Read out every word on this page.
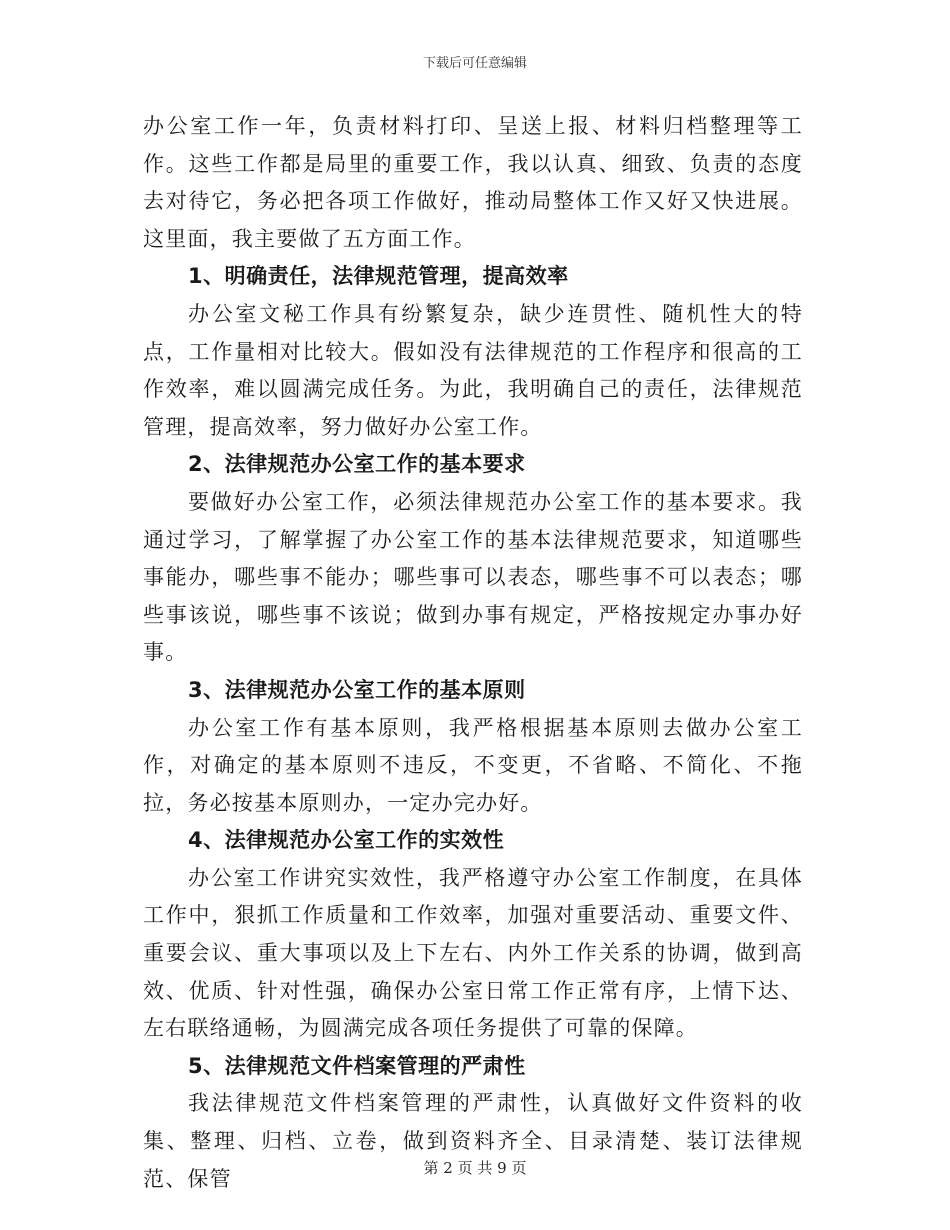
下载后可任意编辑

办公室工作一年，负责材料打印、呈送上报、材料归档整理等工作。这些工作都是局里的重要工作，我以认真、细致、负责的态度去对待它，务必把各项工作做好，推动局整体工作又好又快进展。这里面，我主要做了五方面工作。

1、明确责任，法律规范管理，提高效率

办公室文秘工作具有纷繁复杂，缺少连贯性、随机性大的特点，工作量相对比较大。假如没有法律规范的工作程序和很高的工作效率，难以圆满完成任务。为此，我明确自己的责任，法律规范管理，提高效率，努力做好办公室工作。

2、法律规范办公室工作的基本要求

要做好办公室工作，必须法律规范办公室工作的基本要求。我通过学习，了解掌握了办公室工作的基本法律规范要求，知道哪些事能办，哪些事不能办；哪些事可以表态，哪些事不可以表态；哪些事该说，哪些事不该说；做到办事有规定，严格按规定办事办好事。

3、法律规范办公室工作的基本原则

办公室工作有基本原则，我严格根据基本原则去做办公室工作，对确定的基本原则不违反，不变更，不省略、不简化、不拖拉，务必按基本原则办，一定办完办好。

4、法律规范办公室工作的实效性

办公室工作讲究实效性，我严格遵守办公室工作制度，在具体工作中，狠抓工作质量和工作效率，加强对重要活动、重要文件、重要会议、重大事项以及上下左右、内外工作关系的协调，做到高效、优质、针对性强，确保办公室日常工作正常有序，上情下达、左右联络通畅，为圆满完成各项任务提供了可靠的保障。

5、法律规范文件档案管理的严肃性

我法律规范文件档案管理的严肃性，认真做好文件资料的收集、整理、归档、立卷，做到资料齐全、目录清楚、装订法律规范、保管	第 2 页 共 9 页
